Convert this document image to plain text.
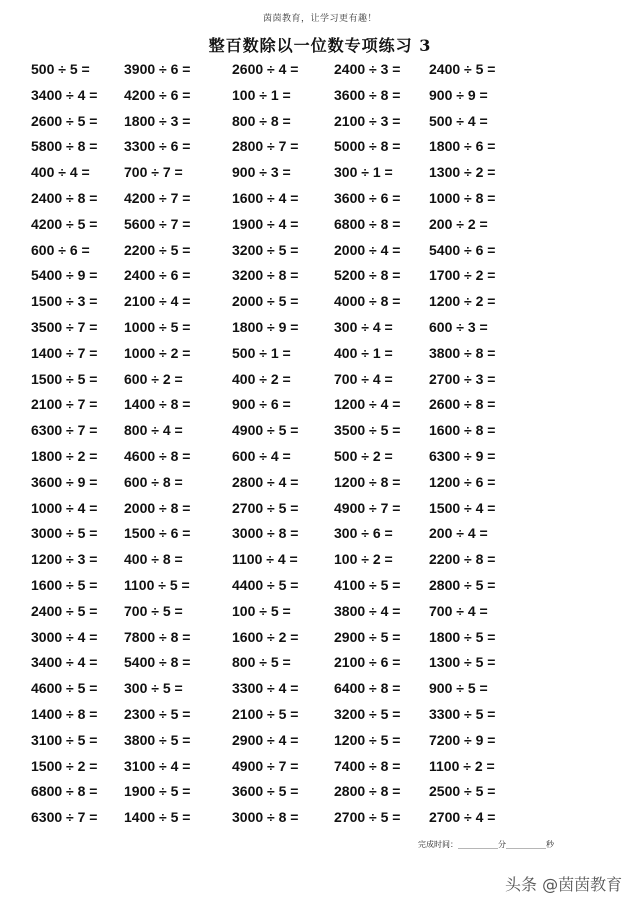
茵茵教育，让学习更有趣！
整百数除以一位数专项练习 3
500 ÷ 5 = 3900 ÷ 6 =	2600 ÷ 4 =	2400 ÷ 3 = 2400 ÷ 5 =
3400 ÷ 4 = 4200 ÷ 6 =	100 ÷ 1 =	3600 ÷ 8 = 900 ÷ 9 =
2600 ÷ 5 = 1800 ÷ 3 =	800 ÷ 8 =	2100 ÷ 3 = 500 ÷ 4 =
5800 ÷ 8 = 3300 ÷ 6 =	2800 ÷ 7 =	5000 ÷ 8 = 1800 ÷ 6 =
400 ÷ 4 = 700 ÷ 7 =	900 ÷ 3 =	300 ÷ 1 =	1300 ÷ 2 =
2400 ÷ 8 = 4200 ÷ 7 =	1600 ÷ 4 =	3600 ÷ 6 = 1000 ÷ 8 =
4200 ÷ 5 = 5600 ÷ 7 =	1900 ÷ 4 =	6800 ÷ 8 = 200 ÷ 2 =
600 ÷ 6 = 2200 ÷ 5 =	3200 ÷ 5 =	2000 ÷ 4 = 5400 ÷ 6 =
5400 ÷ 9 = 2400 ÷ 6 =	3200 ÷ 8 =	5200 ÷ 8 = 1700 ÷ 2 =
1500 ÷ 3 = 2100 ÷ 4 =	2000 ÷ 5 =	4000 ÷ 8 = 1200 ÷ 2 =
3500 ÷ 7 = 1000 ÷ 5 =	1800 ÷ 9 =	300 ÷ 4 =	600 ÷ 3 =
1400 ÷ 7 = 1000 ÷ 2 =	500 ÷ 1 =	400 ÷ 1 =	3800 ÷ 8 =
1500 ÷ 5 = 600 ÷ 2 =	400 ÷ 2 =	700 ÷ 4 =	2700 ÷ 3 =
2100 ÷ 7 = 1400 ÷ 8 =	900 ÷ 6 =	1200 ÷ 4 = 2600 ÷ 8 =
6300 ÷ 7 = 800 ÷ 4 =	4900 ÷ 5 =	3500 ÷ 5 = 1600 ÷ 8 =
1800 ÷ 2 = 4600 ÷ 8 =	600 ÷ 4 =	500 ÷ 2 =	6300 ÷ 9 =
3600 ÷ 9 = 600 ÷ 8 =	2800 ÷ 4 =	1200 ÷ 8 = 1200 ÷ 6 =
1000 ÷ 4 = 2000 ÷ 8 =	2700 ÷ 5 =	4900 ÷ 7 = 1500 ÷ 4 =
3000 ÷ 5 = 1500 ÷ 6 =	3000 ÷ 8 =	300 ÷ 6 =	200 ÷ 4 =
1200 ÷ 3 = 400 ÷ 8 =	1100 ÷ 4 =	100 ÷ 2 =	2200 ÷ 8 =
1600 ÷ 5 = 1100 ÷ 5 =	4400 ÷ 5 =	4100 ÷ 5 = 2800 ÷ 5 =
2400 ÷ 5 = 700 ÷ 5 =	100 ÷ 5 =	3800 ÷ 4 = 700 ÷ 4 =
3000 ÷ 4 = 7800 ÷ 8 =	1600 ÷ 2 =	2900 ÷ 5 = 1800 ÷ 5 =
3400 ÷ 4 = 5400 ÷ 8 =	800 ÷ 5 =	2100 ÷ 6 = 1300 ÷ 5 =
4600 ÷ 5 = 300 ÷ 5 =	3300 ÷ 4 =	6400 ÷ 8 = 900 ÷ 5 =
1400 ÷ 8 = 2300 ÷ 5 =	2100 ÷ 5 =	3200 ÷ 5 = 3300 ÷ 5 =
3100 ÷ 5 = 3800 ÷ 5 =	2900 ÷ 4 =	1200 ÷ 5 = 7200 ÷ 9 =
1500 ÷ 2 = 3100 ÷ 4 =	4900 ÷ 7 =	7400 ÷ 8 = 1100 ÷ 2 =
6800 ÷ 8 = 1900 ÷ 5 =	3600 ÷ 5 =	2800 ÷ 8 = 2500 ÷ 5 =
6300 ÷ 7 = 1400 ÷ 5 =	3000 ÷ 8 =	2700 ÷ 5 = 2700 ÷ 4 =
完成时间：__________分__________秒
头条 @茵茵教育
